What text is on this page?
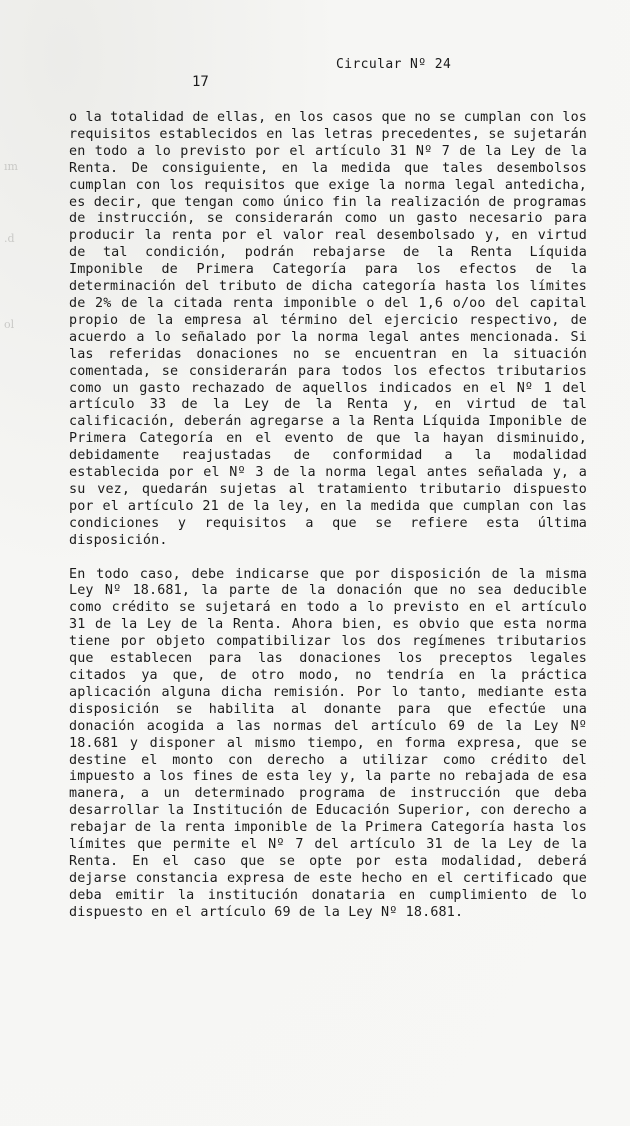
ım
.d
ol
Circular Nº 24
17

o la totalidad de ellas, en los casos que no se cumplan con los requisitos establecidos en las letras precedentes, se sujetarán en todo a lo previsto por el artículo 31 Nº 7 de la Ley de la Renta. De consiguiente, en la medida que tales desembolsos cumplan con los requisitos que exige la norma legal antedicha, es decir, que tengan como único fin la realización de programas de instrucción, se considerarán como un gasto necesario para producir la renta por el valor real desembolsado y, en virtud de tal condición, podrán rebajarse de la Renta Líquida Imponible de Primera Categoría para los efectos de la determinación del tributo de dicha categoría hasta los límites de 2% de la citada renta imponible o del 1,6 o/oo del capital propio de la empresa al término del ejercicio respectivo, de acuerdo a lo señalado por la norma legal antes mencionada. Si las referidas donaciones no se encuentran en la situación comentada, se considerarán para todos los efectos tributarios como un gasto rechazado de aquellos indicados en el Nº 1 del artículo 33 de la Ley de la Renta y, en virtud de tal calificación, deberán agregarse a la Renta Líquida Imponible de Primera Categoría en el evento de que la hayan disminuido, debidamente reajustadas de conformidad a la modalidad establecida por el Nº 3 de la norma legal antes señalada y, a su vez, quedarán sujetas al tratamiento tributario dispuesto por el artículo 21 de la ley, en la medida que cumplan con las condiciones y requisitos a que se refiere esta última disposición.

En todo caso, debe indicarse que por disposición de la misma Ley Nº 18.681, la parte de la donación que no sea deducible como crédito se sujetará en todo a lo previsto en el artículo 31 de la Ley de la Renta. Ahora bien, es obvio que esta norma tiene por objeto compatibilizar los dos regímenes tributarios que establecen para las donaciones los preceptos legales citados ya que, de otro modo, no tendría en la práctica aplicación alguna dicha remisión. Por lo tanto, mediante esta disposición se habilita al donante para que efectúe una donación acogida a las normas del artículo 69 de la Ley Nº 18.681 y disponer al mismo tiempo, en forma expresa, que se destine el monto con derecho a utilizar como crédito del impuesto a los fines de esta ley y, la parte no rebajada de esa manera, a un determinado programa de instrucción que deba desarrollar la Institución de Educación Superior, con derecho a rebajar de la renta imponible de la Primera Categoría hasta los límites que permite el Nº 7 del artículo 31 de la Ley de la Renta. En el caso que se opte por esta modalidad, deberá dejarse constancia expresa de este hecho en el certificado que deba emitir la institución donataria en cumplimiento de lo dispuesto en el artículo 69 de la Ley Nº 18.681.
